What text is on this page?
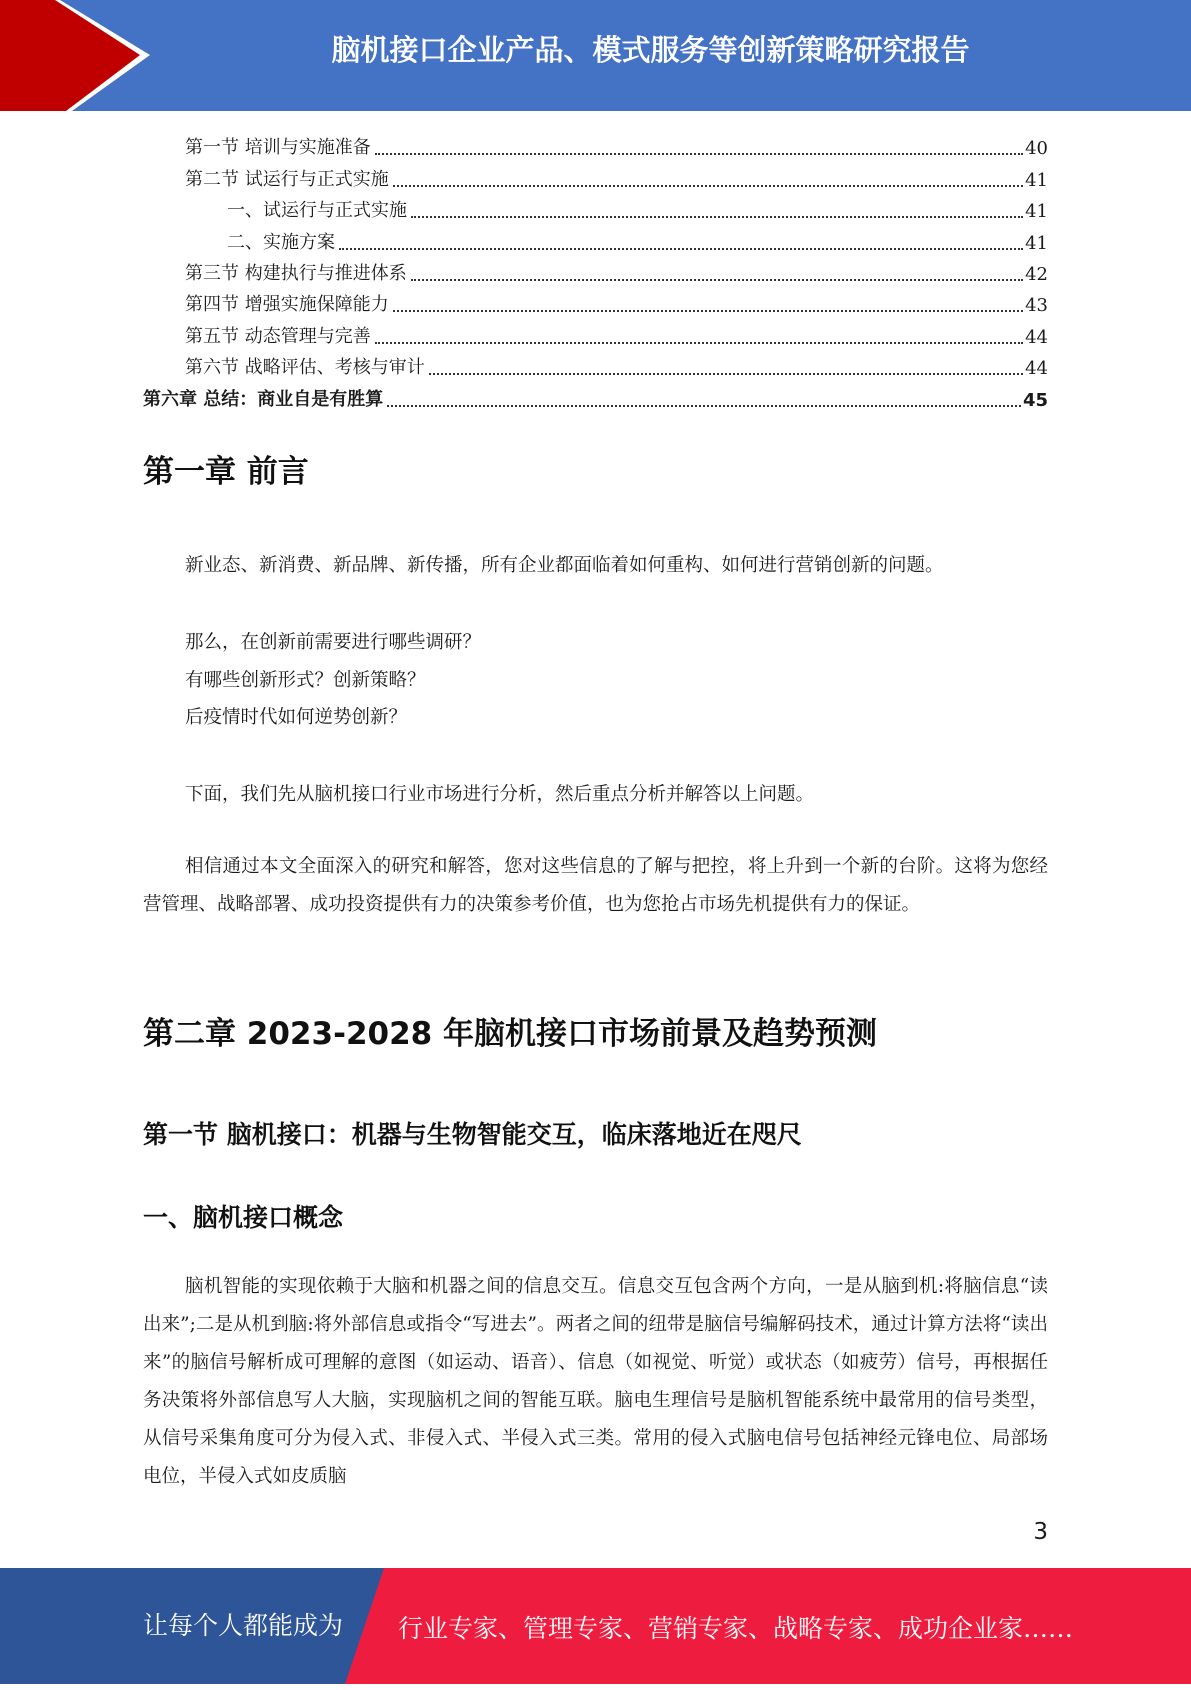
脑机接口企业产品、模式服务等创新策略研究报告
第一节 培训与实施准备	40
第二节 试运行与正式实施	41
一、试运行与正式实施	41
二、实施方案	41
第三节 构建执行与推进体系	42
第四节 增强实施保障能力	43
第五节 动态管理与完善	44
第六节 战略评估、考核与审计	44
第六章 总结：商业自是有胜算	45
第一章 前言

新业态、新消费、新品牌、新传播，所有企业都面临着如何重构、如何进行营销创新的问题。

那么，在创新前需要进行哪些调研？

有哪些创新形式？创新策略？

后疫情时代如何逆势创新？

下面，我们先从脑机接口行业市场进行分析，然后重点分析并解答以上问题。

相信通过本文全面深入的研究和解答，您对这些信息的了解与把控，将上升到一个新的台阶。这将为您经营管理、战略部署、成功投资提供有力的决策参考价值，也为您抢占市场先机提供有力的保证。

第二章 2023-2028 年脑机接口市场前景及趋势预测
第一节 脑机接口：机器与生物智能交互，临床落地近在咫尺
一、脑机接口概念

脑机智能的实现依赖于大脑和机器之间的信息交互。信息交互包含两个方向，一是从脑到机:将脑信息“读出来”;二是从机到脑:将外部信息或指令“写进去”。两者之间的纽带是脑信号编解码技术，通过计算方法将“读出来”的脑信号解析成可理解的意图（如运动、语音）、信息（如视觉、听觉）或状态（如疲劳）信号，再根据任务决策将外部信息写人大脑，实现脑机之间的智能互联。脑电生理信号是脑机智能系统中最常用的信号类型，从信号采集角度可分为侵入式、非侵入式、半侵入式三类。常用的侵入式脑电信号包括神经元锋电位、局部场电位，半侵入式如皮质脑

3
让每个人都能成为 行业专家、管理专家、营销专家、战略专家、成功企业家……
